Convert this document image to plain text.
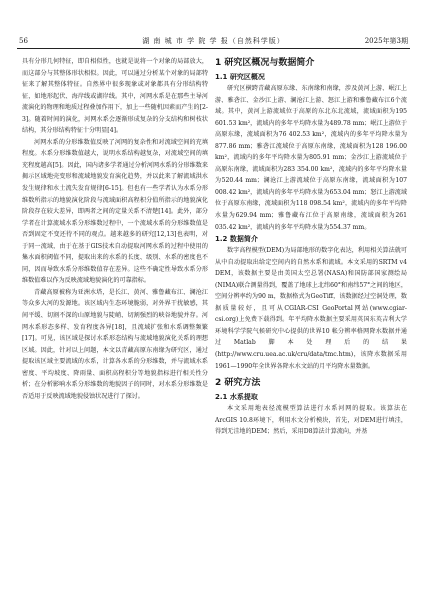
56	湖 南 城 市 学 院 学 报（自然科学版）	2025年第3期

具有分形几何特征，即自相似性，也就是说将一个对象的局部放大，而这部分与其整体形状相似。因此，可以通过分析某个对象的局部特征来了解其整体特征。自然界中很多现象或对象都具有分形结构特征，如地形起伏、海岸线或湖岸线。其中，河网水系是在那些主导河流演化的物理和地质过程叠加作用下，加上一些随机因素而产生的[2-3]。随着时间的演化，河网水系会逐渐形成复杂的分支结构和树枝状结构，其分形结构特征十分明显[4]。

河网水系的分形维数值反映了河网的复杂性和对流域空间的充填程度。水系分形维数值越大，说明水系结构越复杂，对流域空间的填充程度越高[5]。因此，国内诸多学者通过分析河网水系的分形维数来揭示区域地壳变形和流域地貌发育演化趋势，并以此来了解流域洪水发生规律和水土流失发育规律[6-15]。但也有一些学者认为水系分形维数所指示的地貌演化阶段与流域面积高程积分值所指示的地貌演化阶段存在较大差异，即两者之间的定量关系不清楚[14]。此外，部分学者在计算流域水系分形维数过程中，一个流域水系的分形维数值是否到固定不变还待不同的观点。越来越多的研究[12,13]也表明，对于同一流域，由于在基于GIS技术自动提取河网水系的过程中使用的集水面积阈值不同，提取出来的水系的长度、级别、水系的密度也不同，因而导致水系分形维数值存在差异。这些不确定性导致水系分形维数值难以作为反映流域地貌演化的可靠指标。

青藏高原被称为亚洲水塔，是长江、黄河、雅鲁藏布江、澜沧江等众多大河的发源地。该区域内生态环境脆弱，对外界干扰敏感，其间平缓、切割不深的山原地貌与陡峭、切割强烈的峡谷地貌并存。河网水系形态多样、发育程度各异[18]，且流域扩张和水系调整频繁[17]。可见，该区域是探讨水系形态结构与流域地貌演化关系的理想区域。因此，针对以上问题，本文以青藏高原东南缘为研究区，通过提取该区域主要流域的水系，计算各水系的分形维数，并与流域水系密度、平均坡度、降雨量、面积高程积分等地貌指标进行相关性分析；在分析影响水系分形维数的地貌因子的同时，对水系分形维数是否适用于反映流域地貌侵蚀状况进行了探讨。

1 研究区概况与数据简介
1.1 研究区概况

研究区横跨青藏高原东缘、东南缘和南缘，涉及黄河上游、岷江上游、雅砻江、金沙江上游、澜沧江上游、怒江上游和雅鲁藏布江6个流域。其中，黄河上游流域位于高原的东北东北流域，流域面积为195 601.53 km²，流域内的多年平均降水量为489.78 mm；岷江上游位于高原东缘，流域面积为76 402.53 km²，流域内的多年平均降水量为877.86 mm；雅砻江流域位于高原东南缘，流域面积为128 196.00 km²，流域内的多年平均降水量为805.91 mm；金沙江上游流域位于高原东南缘，流域面积为283 354.00 km²，流域内的多年平均降水量为520.44 mm；澜沧江上游流域位于高原东南缘，流域面积为107 008.42 km²，流域内的多年平均降水量为653.04 mm；怒江上游流域位于高原东南缘，流域面积为118 098.54 km²，流域内的多年平均降水量为629.94 mm；雅鲁藏布江位于高原南缘，流域面积为261 035.42 km²，流域内的多年平均降水量为554.37 mm。

1.2 数据简介

数字高程模型(DEM)为局部地形的数字化表达，利用相关算法就可从中自动提取出给定空间内的自然水系和流域。本文采用的SRTM v4 DEM，该数据主要是由美国太空总署(NASA)和国防部国家测绘局(NIMA)联合测量得到，覆盖了地球上北纬60°和南纬57°之间的地区，空间分辨率约为90 m，数据格式为GeoTiff，该数据经过空洞处理，数据质量较好，且可从CGIAR-CSI GeoPortal网站(www.cgiar-csi.org)上免费下载得到。年平均降水数据主要采用英国东英吉利大学环境科学学院气候研究中心提供的世界10 帐分辨率格网降水数据并通过Matlab脚本处理后的结果(http://www.cru.uea.ac.uk/cru/data/tmc.htm)，该降水数据采用1961—1990年全世界各降水水文站的月平均降水量数据。

2 研究方法
2.1 水系提取

本文采用地表径流模型算法进行水系河网的提取。该算法在ArcGIS 10.8环境下，利用水文分析模块，首先，对DEM进行填洼，得到无洼地的DEM；然后，采用D8算法计算流向，并基
